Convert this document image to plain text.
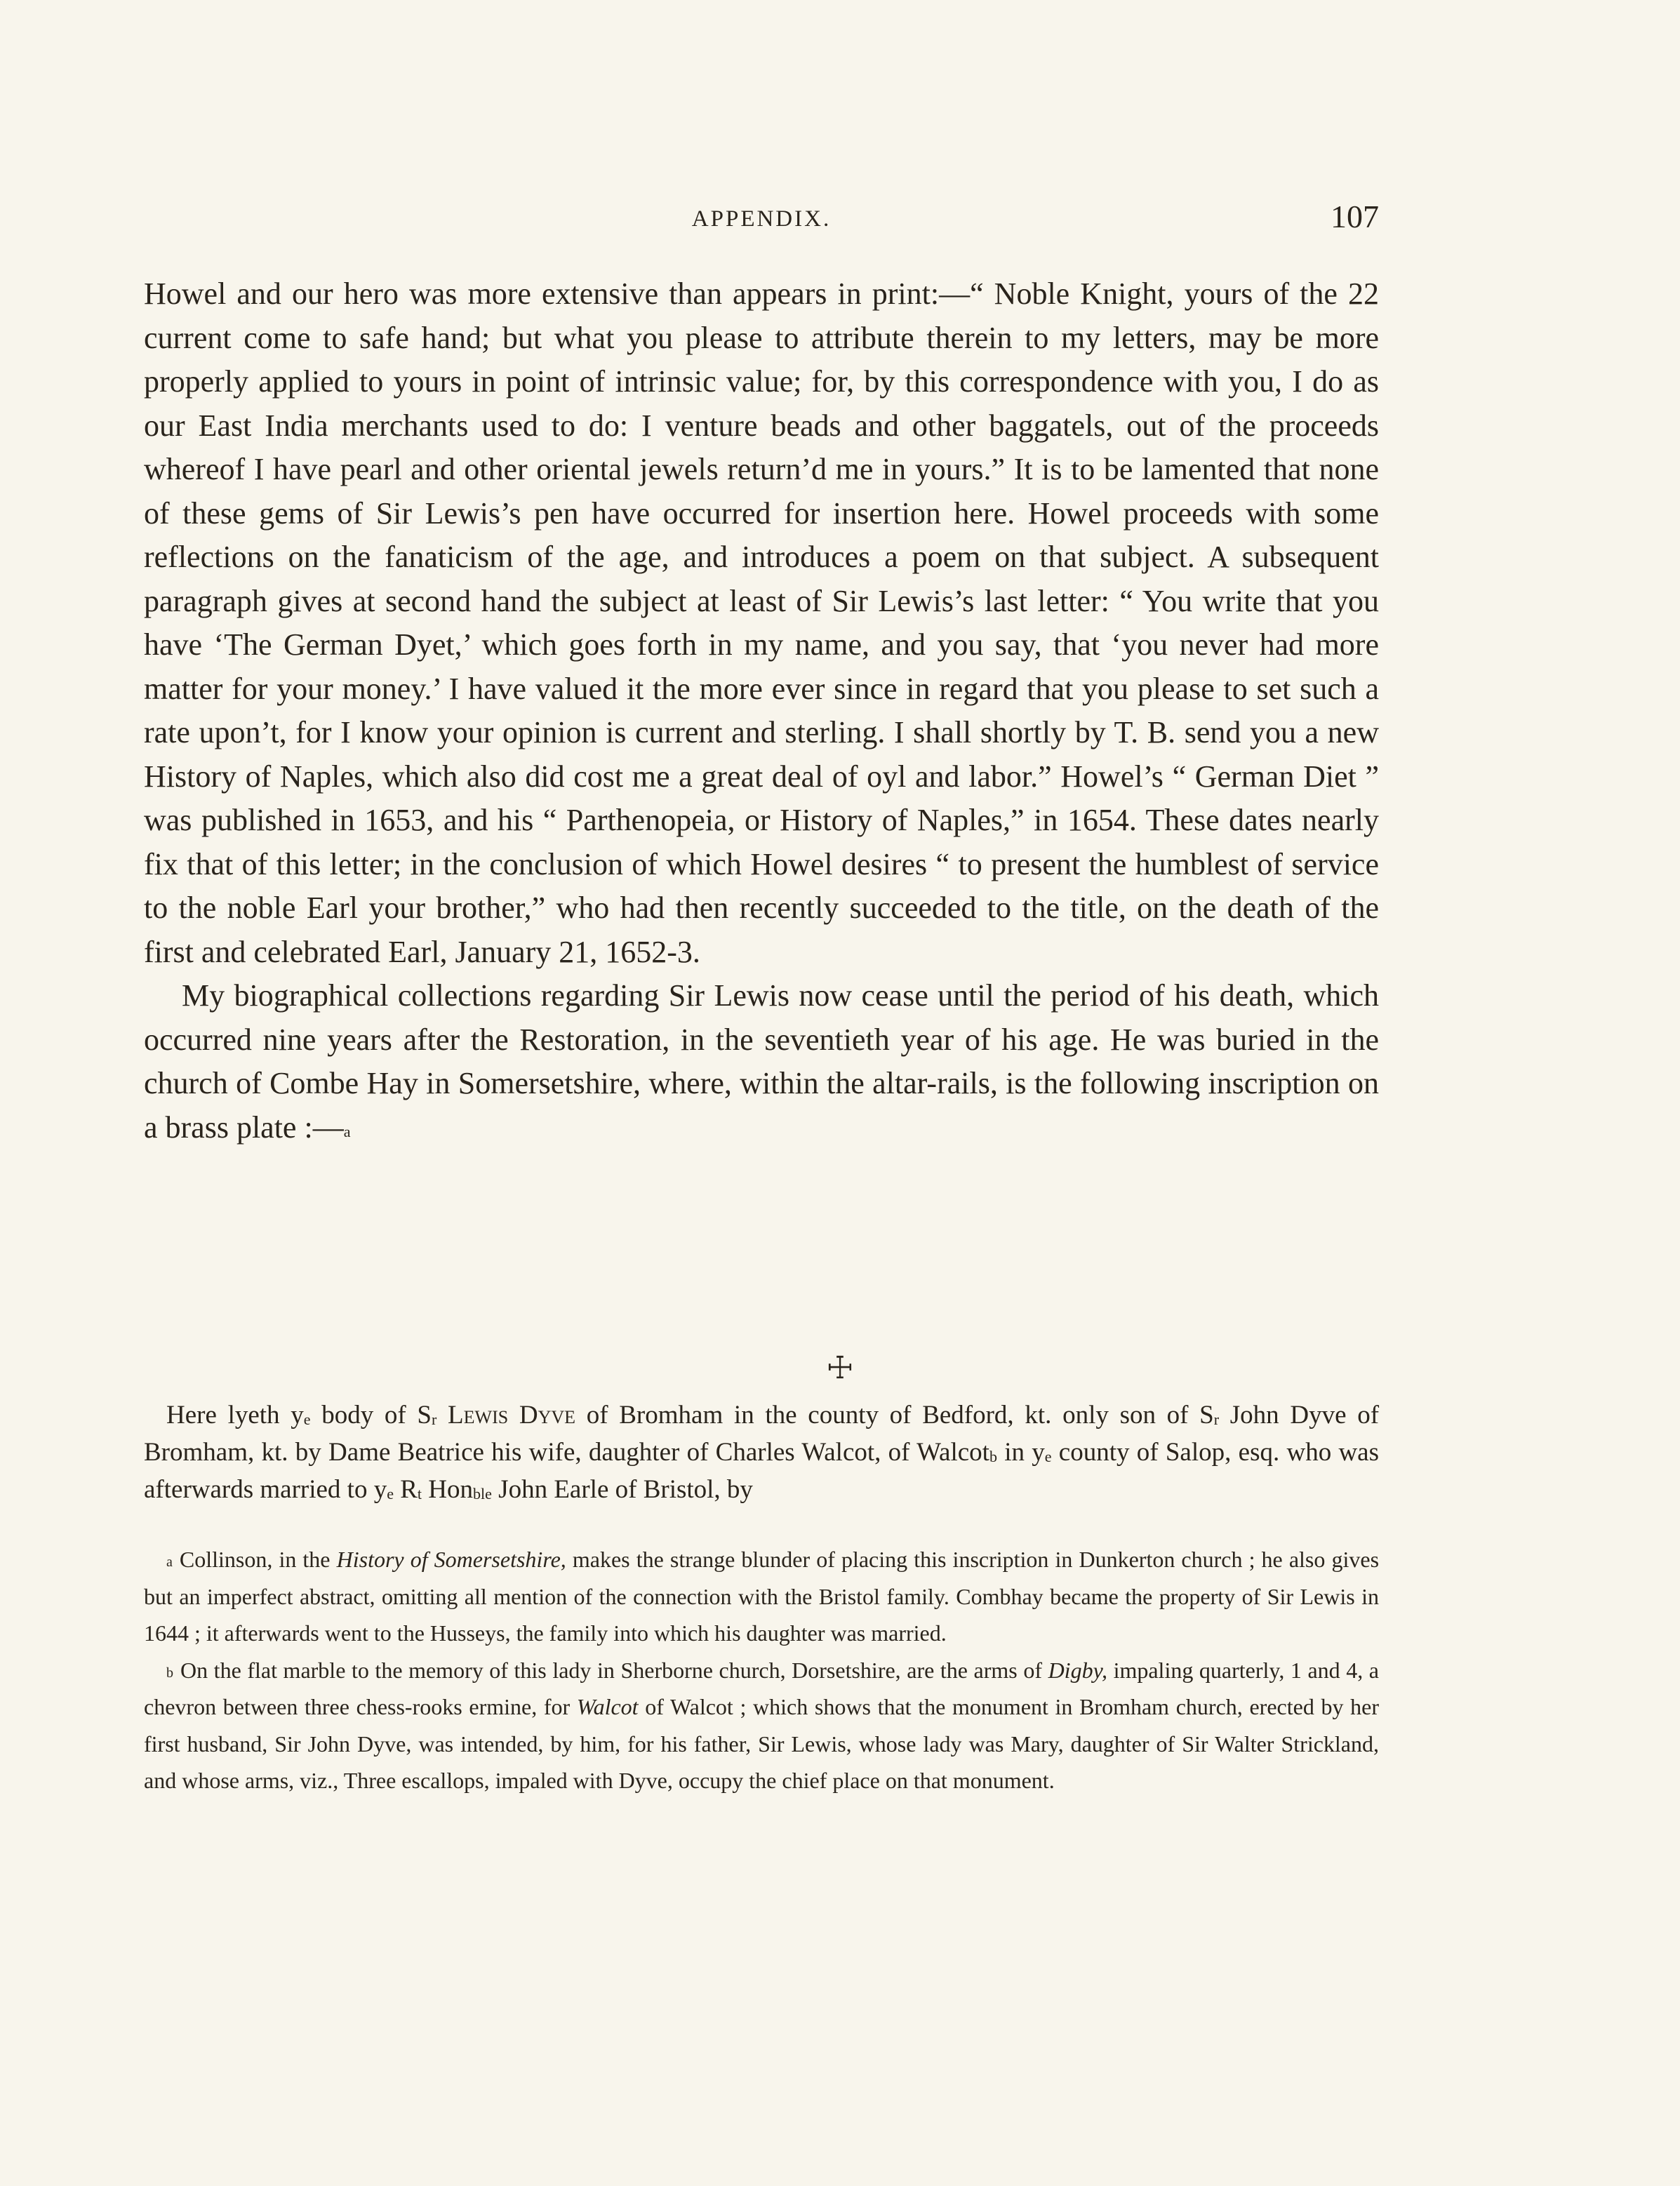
APPENDIX.	107

Howel and our hero was more extensive than appears in print:—“ Noble Knight, yours of the 22 current come to safe hand; but what you please to attribute therein to my letters, may be more properly applied to yours in point of intrinsic value; for, by this correspondence with you, I do as our East India merchants used to do: I venture beads and other baggatels, out of the proceeds whereof I have pearl and other oriental jewels return’d me in yours.” It is to be lamented that none of these gems of Sir Lewis’s pen have occurred for insertion here. Howel proceeds with some reflections on the fanaticism of the age, and introduces a poem on that subject. A subsequent paragraph gives at second hand the subject at least of Sir Lewis’s last letter: “ You write that you have ‘The German Dyet,’ which goes forth in my name, and you say, that ‘you never had more matter for your money.’ I have valued it the more ever since in regard that you please to set such a rate upon’t, for I know your opinion is current and sterling. I shall shortly by T. B. send you a new History of Naples, which also did cost me a great deal of oyl and labor.” Howel’s “ German Diet ” was published in 1653, and his “ Parthenopeia, or History of Naples,” in 1654. These dates nearly fix that of this letter; in the conclusion of which Howel desires “ to present the humblest of service to the noble Earl your brother,” who had then recently succeeded to the title, on the death of the first and celebrated Earl, January 21, 1652-3.

My biographical collections regarding Sir Lewis now cease until the period of his death, which occurred nine years after the Restoration, in the seventieth year of his age. He was buried in the church of Combe Hay in Somersetshire, where, within the altar-rails, is the following inscription on a brass plate :—$^a$

☩

Here lyeth $y^e$ body of $S^r$ Lewis Dyve of Bromham in the county of Bedford, kt. only son of $S^r$ John Dyve of Bromham, kt. by Dame Beatrice his wife, daughter of Charles Walcot, of Walcot$^b$ in $y^e$ county of Salop, esq. who was afterwards married to $y^e$ $R^t$ Hon$^{ble}$ John Earle of Bristol, by

$^a$ Collinson, in the History of Somersetshire, makes the strange blunder of placing this inscription in Dunkerton church ; he also gives but an imperfect abstract, omitting all mention of the connection with the Bristol family. Combhay became the property of Sir Lewis in 1644 ; it afterwards went to the Husseys, the family into which his daughter was married.

$^b$ On the flat marble to the memory of this lady in Sherborne church, Dorsetshire, are the arms of Digby, impaling quarterly, 1 and 4, a chevron between three chess-rooks ermine, for Walcot of Walcot ; which shows that the monument in Bromham church, erected by her first husband, Sir John Dyve, was intended, by him, for his father, Sir Lewis, whose lady was Mary, daughter of Sir Walter Strickland, and whose arms, viz., Three escallops, impaled with Dyve, occupy the chief place on that monument.
